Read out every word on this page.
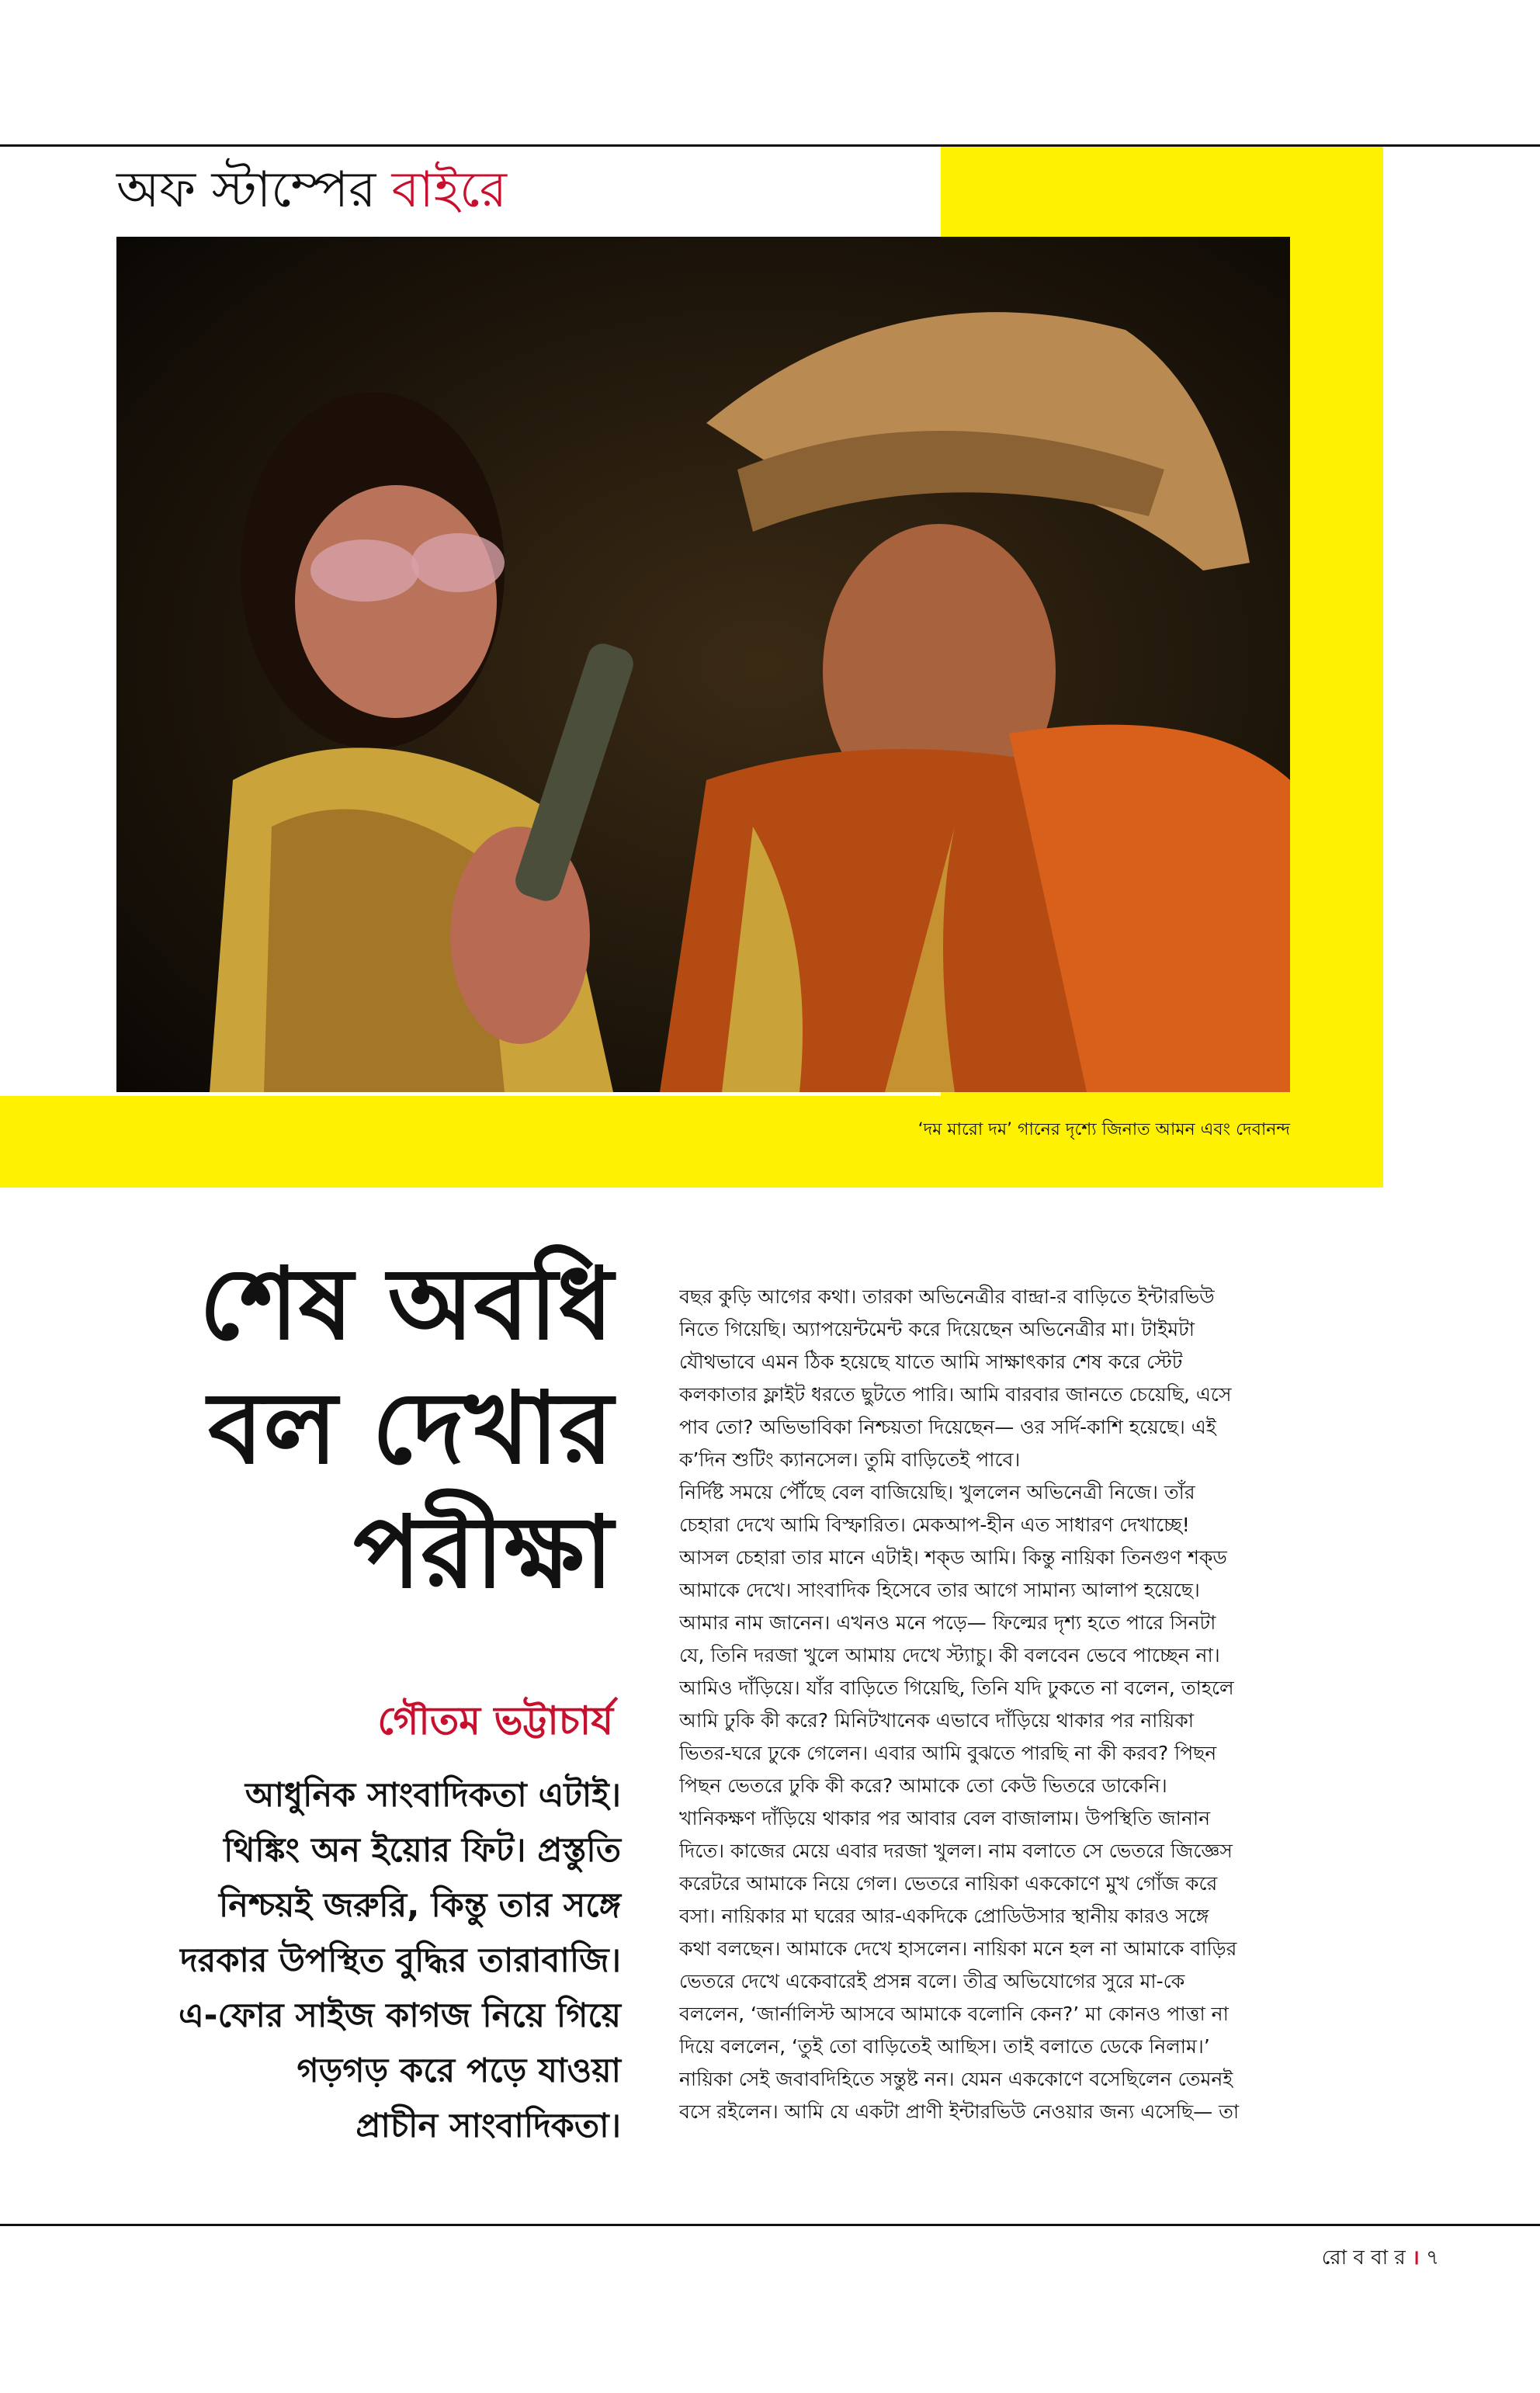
অফ স্টাম্পের বাইরে
‘দম মারো দম’ গানের দৃশ্যে জিনাত আমন এবং দেবানন্দ
শেষ অবধি
বল দেখার
পরীক্ষা
গৌতম ভট্টাচার্য
আধুনিক সাংবাদিকতা এটাই।
থিঙ্কিং অন ইয়োর ফিট। প্রস্তুতি
নিশ্চয়ই জরুরি, কিন্তু তার সঙ্গে
দরকার উপস্থিত বুদ্ধির তারাবাজি।
এ-ফোর সাইজ কাগজ নিয়ে গিয়ে
গড়গড় করে পড়ে যাওয়া
প্রাচীন সাংবাদিকতা।
বছর কুড়ি আগের কথা। তারকা অভিনেত্রীর বান্দ্রা-র বাড়িতে ইন্টারভিউ
নিতে গিয়েছি। অ্যাপয়েন্টমেন্ট করে দিয়েছেন অভিনেত্রীর মা। টাইমটা
যৌথভাবে এমন ঠিক হয়েছে যাতে আমি সাক্ষাৎকার শেষ করে স্টেট
কলকাতার ফ্লাইট ধরতে ছুটতে পারি। আমি বারবার জানতে চেয়েছি, এসে
পাব তো? অভিভাবিকা নিশ্চয়তা দিয়েছেন— ওর সর্দি-কাশি হয়েছে। এই
ক’দিন শুটিং ক্যানসেল। তুমি বাড়িতেই পাবে।
নির্দিষ্ট সময়ে পৌঁছে বেল বাজিয়েছি। খুললেন অভিনেত্রী নিজে। তাঁর
চেহারা দেখে আমি বিস্ফারিত। মেকআপ-হীন এত সাধারণ দেখাচ্ছে!
আসল চেহারা তার মানে এটাই। শক্‌ড আমি। কিন্তু নায়িকা তিনগুণ শক্‌ড
আমাকে দেখে। সাংবাদিক হিসেবে তার আগে সামান্য আলাপ হয়েছে।
আমার নাম জানেন। এখনও মনে পড়ে— ফিল্মের দৃশ্য হতে পারে সিনটা
যে, তিনি দরজা খুলে আমায় দেখে স্ট্যাচু। কী বলবেন ভেবে পাচ্ছেন না।
আমিও দাঁড়িয়ে। যাঁর বাড়িতে গিয়েছি, তিনি যদি ঢুকতে না বলেন, তাহলে
আমি ঢুকি কী করে? মিনিটখানেক এভাবে দাঁড়িয়ে থাকার পর নায়িকা
ভিতর-ঘরে ঢুকে গেলেন। এবার আমি বুঝতে পারছি না কী করব? পিছন
পিছন ভেতরে ঢুকি কী করে? আমাকে তো কেউ ভিতরে ডাকেনি।
খানিকক্ষণ দাঁড়িয়ে থাকার পর আবার বেল বাজালাম। উপস্থিতি জানান
দিতে। কাজের মেয়ে এবার দরজা খুলল। নাম বলাতে সে ভেতরে জিজ্ঞেস
করেটরে আমাকে নিয়ে গেল। ভেতরে নায়িকা এককোণে মুখ গোঁজ করে
বসা। নায়িকার মা ঘরের আর-একদিকে প্রোডিউসার স্থানীয় কারও সঙ্গে
কথা বলছেন। আমাকে দেখে হাসলেন। নায়িকা মনে হল না আমাকে বাড়ির
ভেতরে দেখে একেবারেই প্রসন্ন বলে। তীব্র অভিযোগের সুরে মা-কে
বললেন, ‘জার্নালিস্ট আসবে আমাকে বলোনি কেন?’ মা কোনও পাত্তা না
দিয়ে বললেন, ‘তুই তো বাড়িতেই আছিস। তাই বলাতে ডেকে নিলাম।’
নায়িকা সেই জবাবদিহিতে সন্তুষ্ট নন। যেমন এককোণে বসেছিলেন তেমনই
বসে রইলেন। আমি যে একটা প্রাণী ইন্টারভিউ নেওয়ার জন্য এসেছি— তা
রো ব বা র । ৭
